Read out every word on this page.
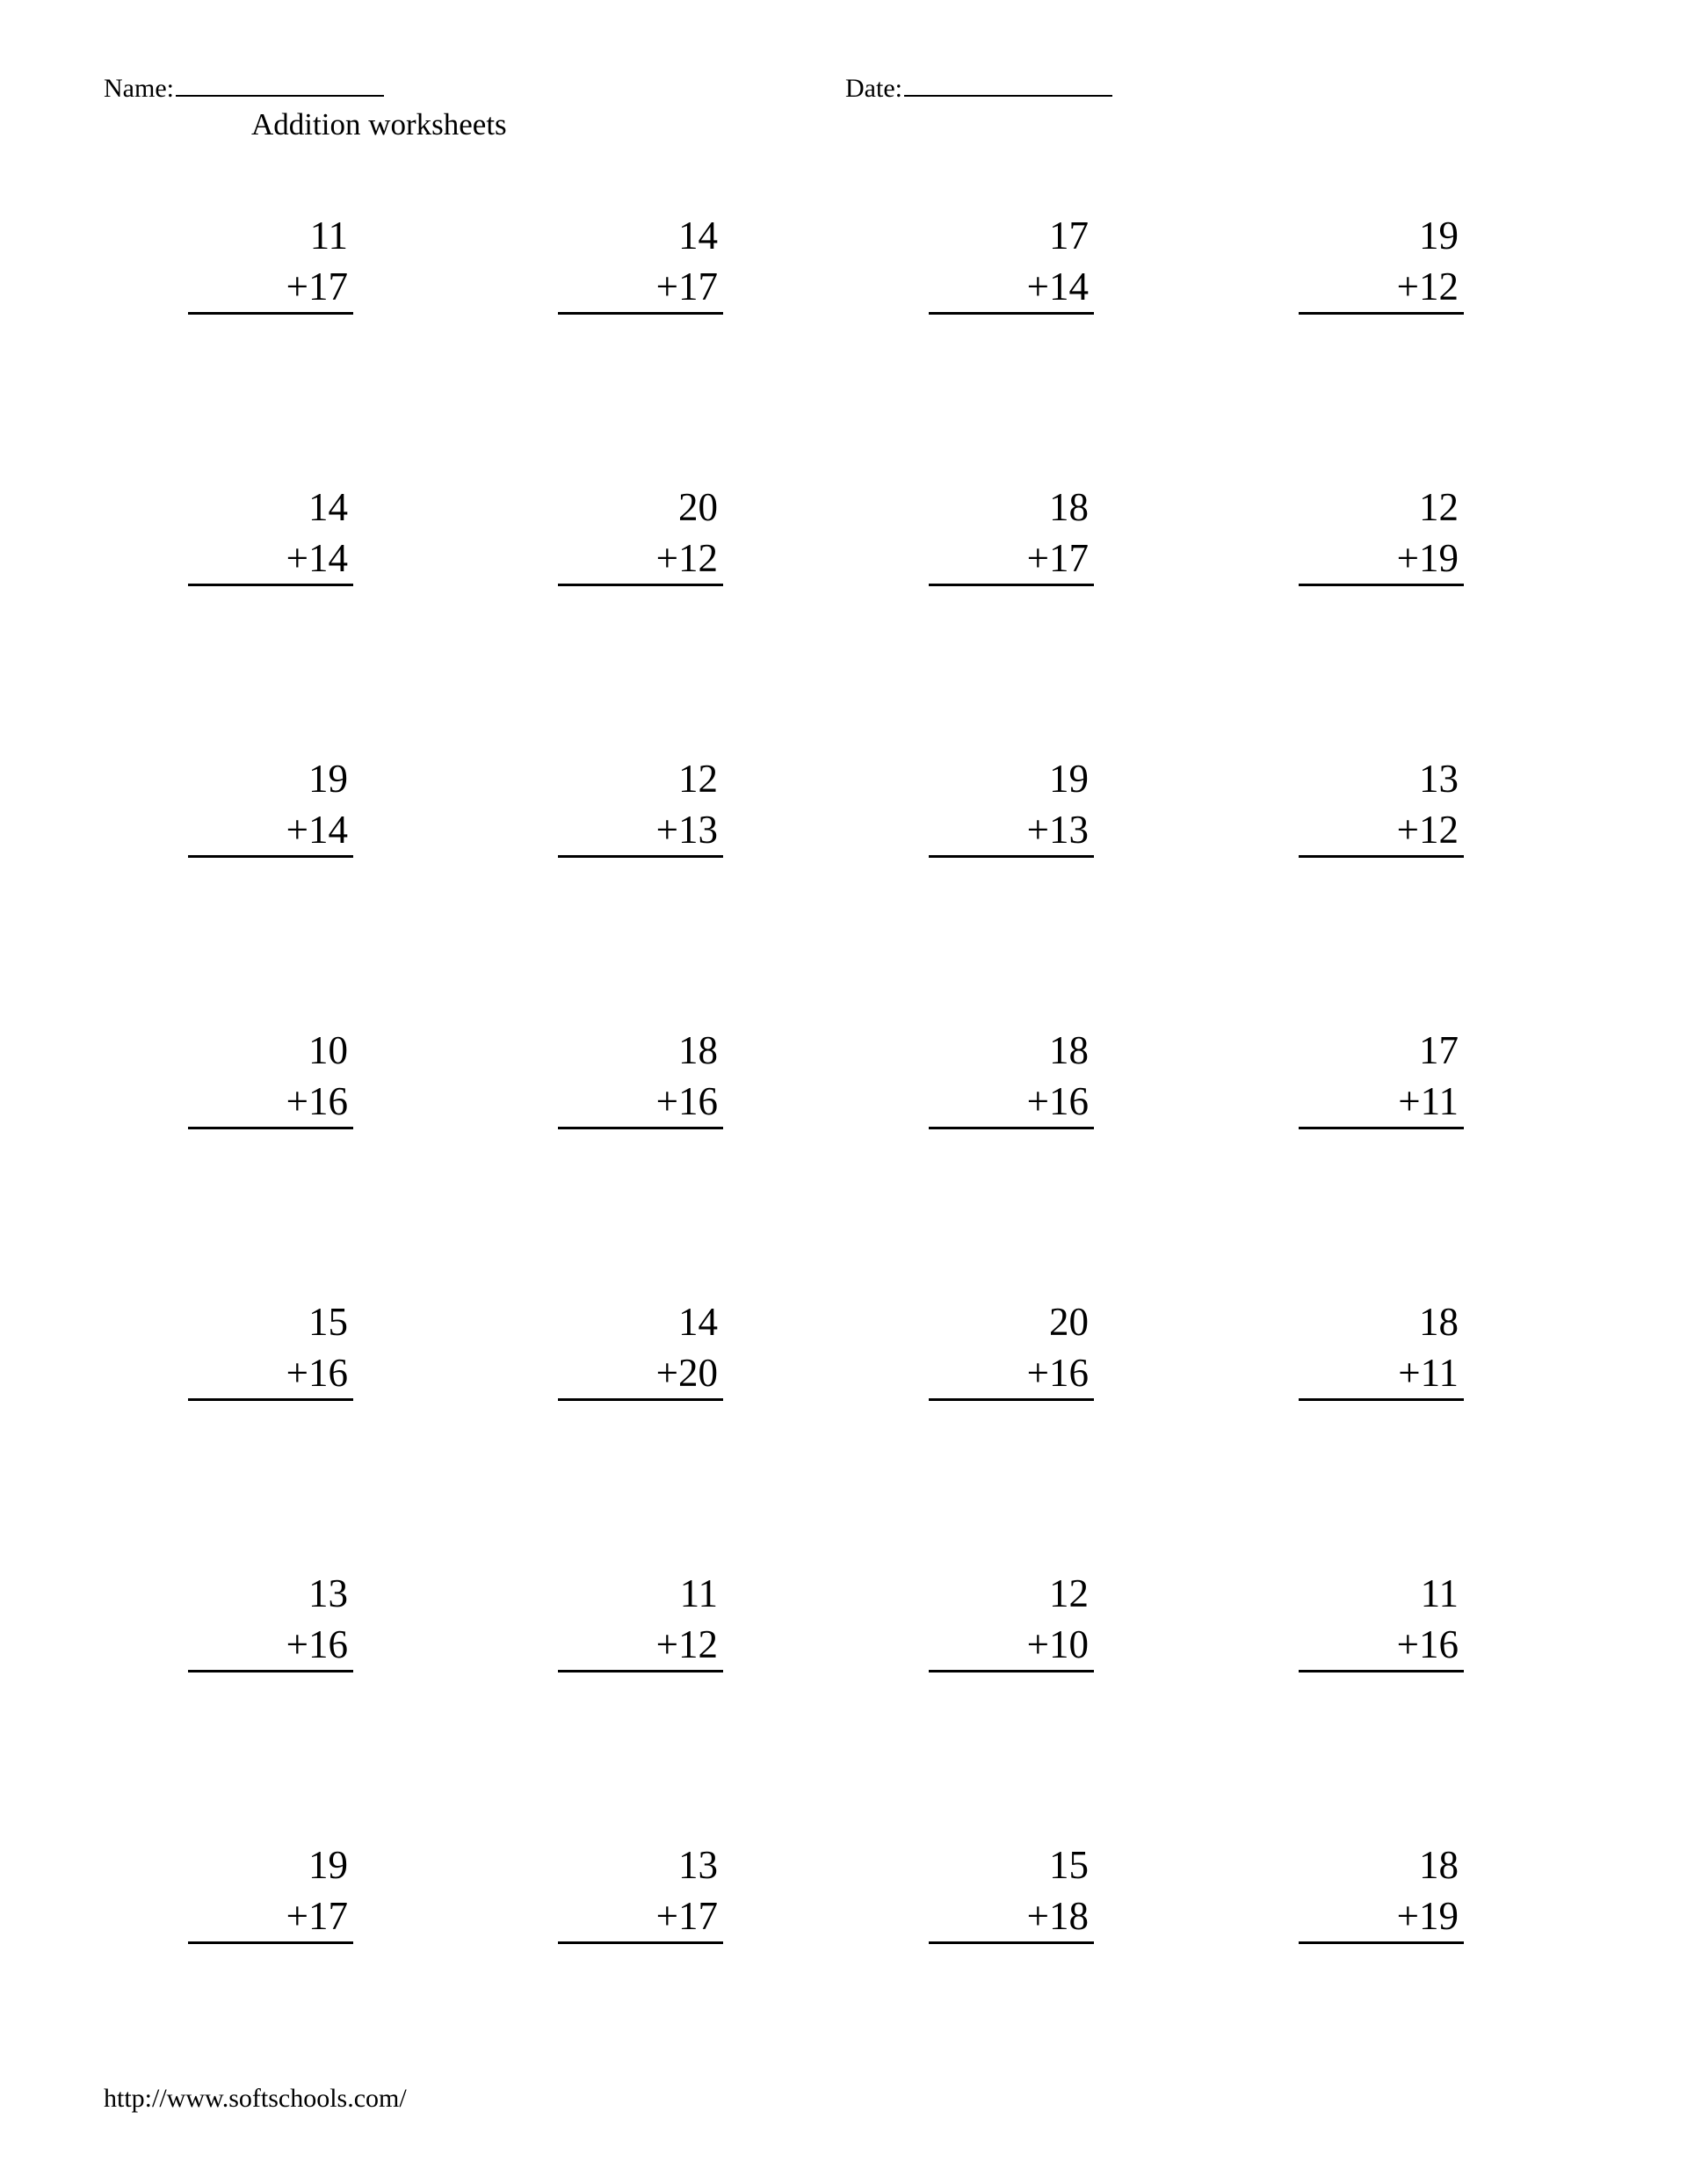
Name:	Date:
Addition worksheets
11
+17
14
+17
17
+14
19
+12
14
+14
20
+12
18
+17
12
+19
19
+14
12
+13
19
+13
13
+12
10
+16
18
+16
18
+16
17
+11
15
+16
14
+20
20
+16
18
+11
13
+16
11
+12
12
+10
11
+16
19
+17
13
+17
15
+18
18
+19
http://www.softschools.com/
